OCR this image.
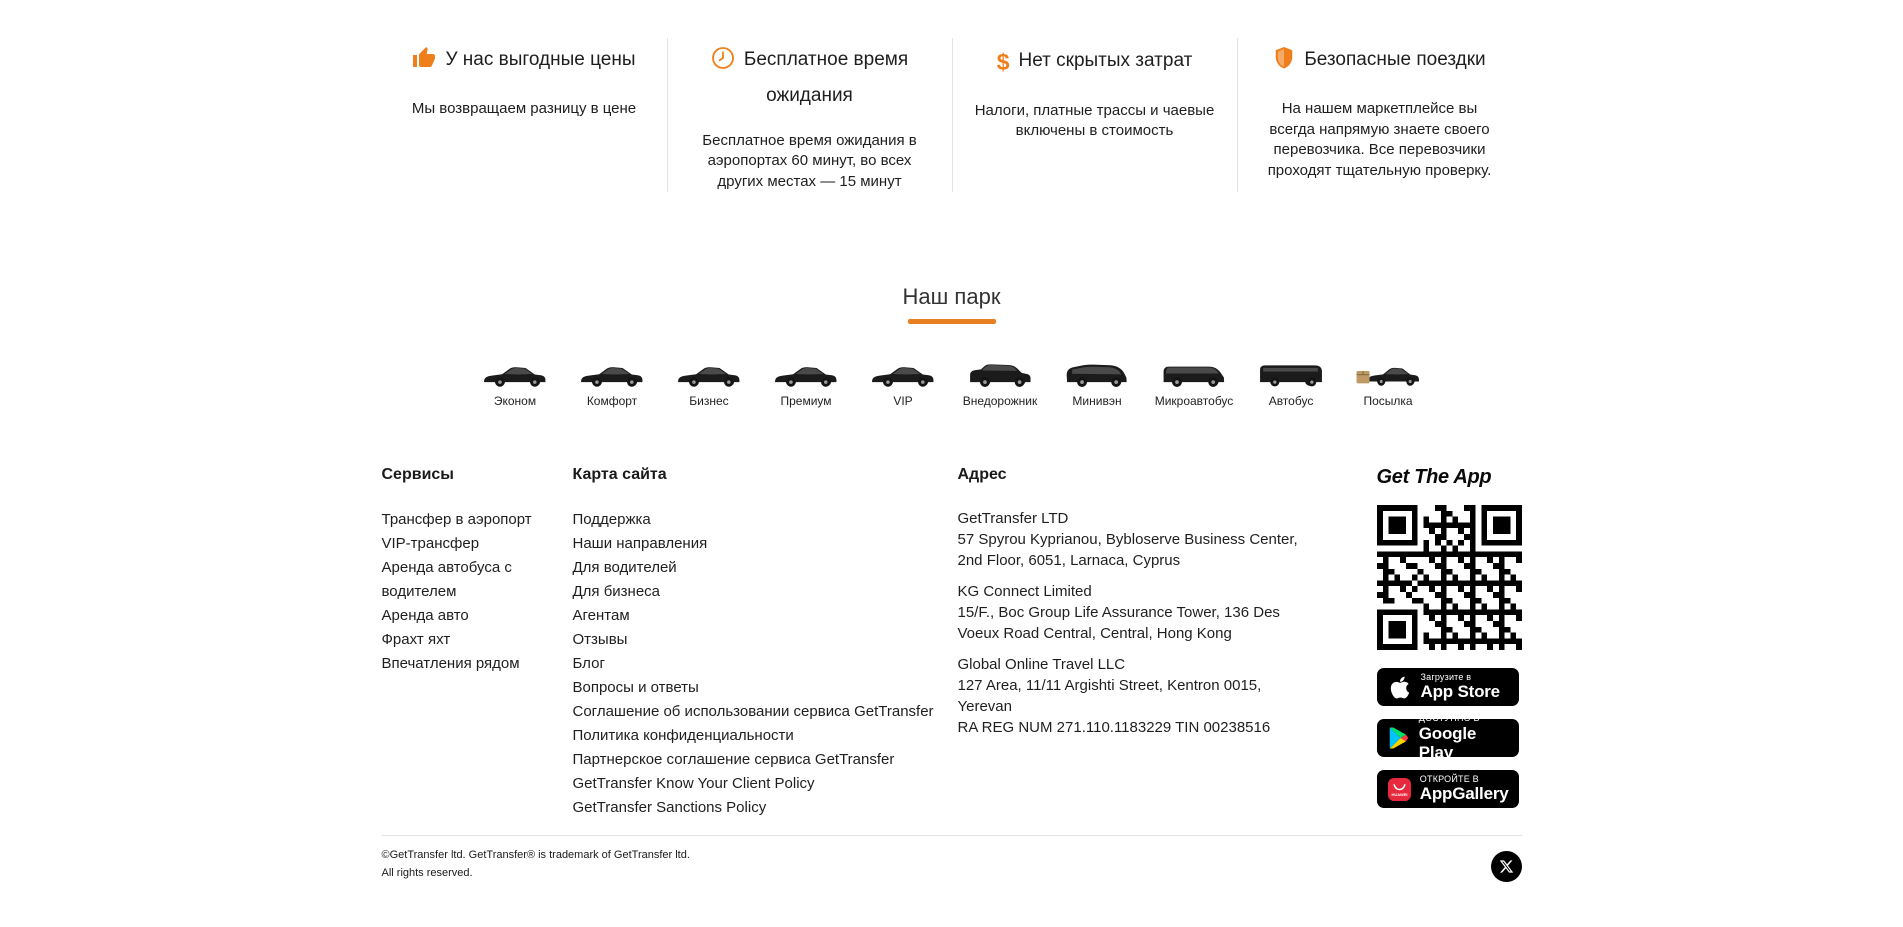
У нас выгодные цены

Мы возвращаем разницу в цене

Бесплатное время ожидания

Бесплатное время ожидания в аэропортах 60 минут, во всех других местах — 15 минут

$ Нет скрытых затрат

Налоги, платные трассы и чаевые включены в стоимость

Безопасные поездки

На нашем маркетплейсе вы всегда напрямую знаете своего перевозчика. Все перевозчики проходят тщательную проверку.

Наш парк
Эконом	Комфорт	Бизнес	Премиум	VIP	Внедорожник	Минивэн	Микроавтобус	Автобус	Посылка
Сервисы
Трансфер в аэропорт
VIP-трансфер
Аренда автобуса с водителем
Аренда авто
Фрахт яхт
Впечатления рядом
Карта сайта
Поддержка
Наши направления
Для водителей
Для бизнеса
Агентам
Отзывы
Блог
Вопросы и ответы
Соглашение об использовании сервиса GetTransfer
Политика конфиденциальности
Партнерское соглашение сервиса GetTransfer
GetTransfer Know Your Client Policy
GetTransfer Sanctions Policy
Адрес
GetTransfer LTD
57 Spyrou Kyprianou, Bybloserve Business Center, 2nd Floor, 6051, Larnaca, Cyprus
KG Connect Limited
15/F., Boc Group Life Assurance Tower, 136 Des Voeux Road Central, Central, Hong Kong
Global Online Travel LLC
127 Area, 11/11 Argishti Street, Kentron 0015, Yerevan
RA REG NUM 271.110.1183229 TIN 00238516
Get The App
Загрузите в
App Store
ДОСТУПНО В
Google Play
HUAWEI
ОТКРОЙТЕ В
AppGallery
©GetTransfer ltd. GetTransfer® is trademark of GetTransfer ltd.
All rights reserved.
